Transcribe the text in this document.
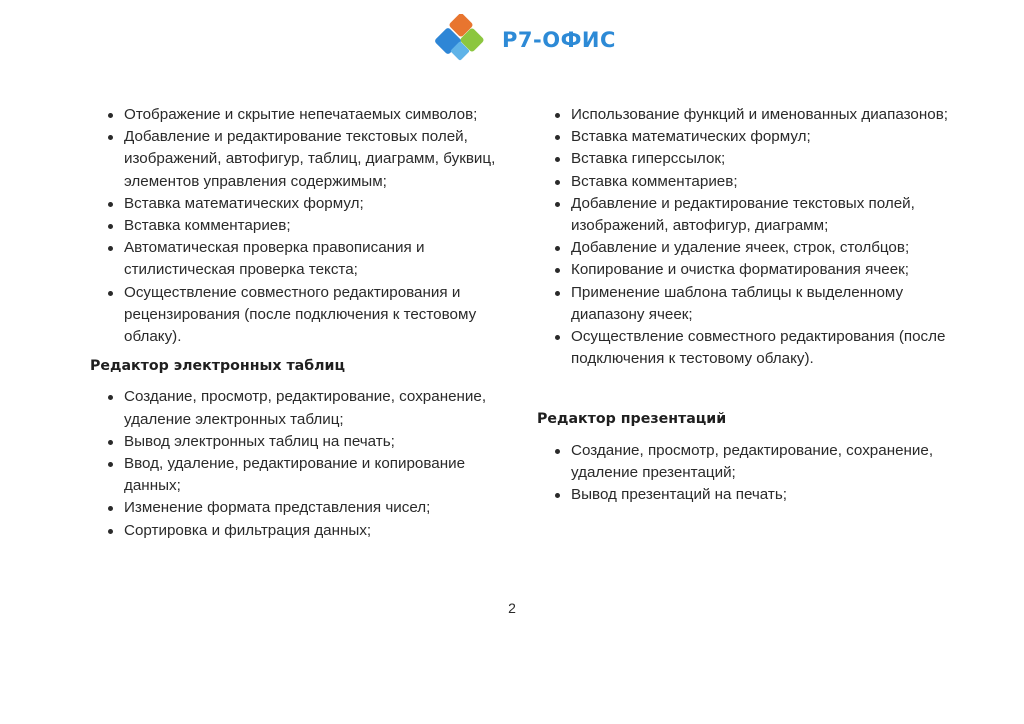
Р7-ОФИС
Отображение и скрытие непечатаемых символов;
Добавление и редактирование текстовых полей, изображений, автофигур, таблиц, диаграмм, буквиц, элементов управления содержимым;
Вставка математических формул;
Вставка комментариев;
Автоматическая проверка правописания и стилистическая проверка текста;
Осуществление совместного редактирования и рецензирования (после подключения к тестовому облаку).
Редактор электронных таблиц
Создание, просмотр, редактирование, сохранение, удаление электронных таблиц;
Вывод электронных таблиц на печать;
Ввод, удаление, редактирование и копирование данных;
Изменение формата представления чисел;
Сортировка и фильтрация данных;
Использование функций и именованных диапазонов;
Вставка математических формул;
Вставка гиперссылок;
Вставка комментариев;
Добавление и редактирование текстовых полей, изображений, автофигур, диаграмм;
Добавление и удаление ячеек, строк, столбцов;
Копирование и очистка форматирования ячеек;
Применение шаблона таблицы к выделенному диапазону ячеек;
Осуществление совместного редактирования (после подключения к тестовому облаку).
Редактор презентаций
Создание, просмотр, редактирование, сохранение, удаление презентаций;
Вывод презентаций на печать;
2
